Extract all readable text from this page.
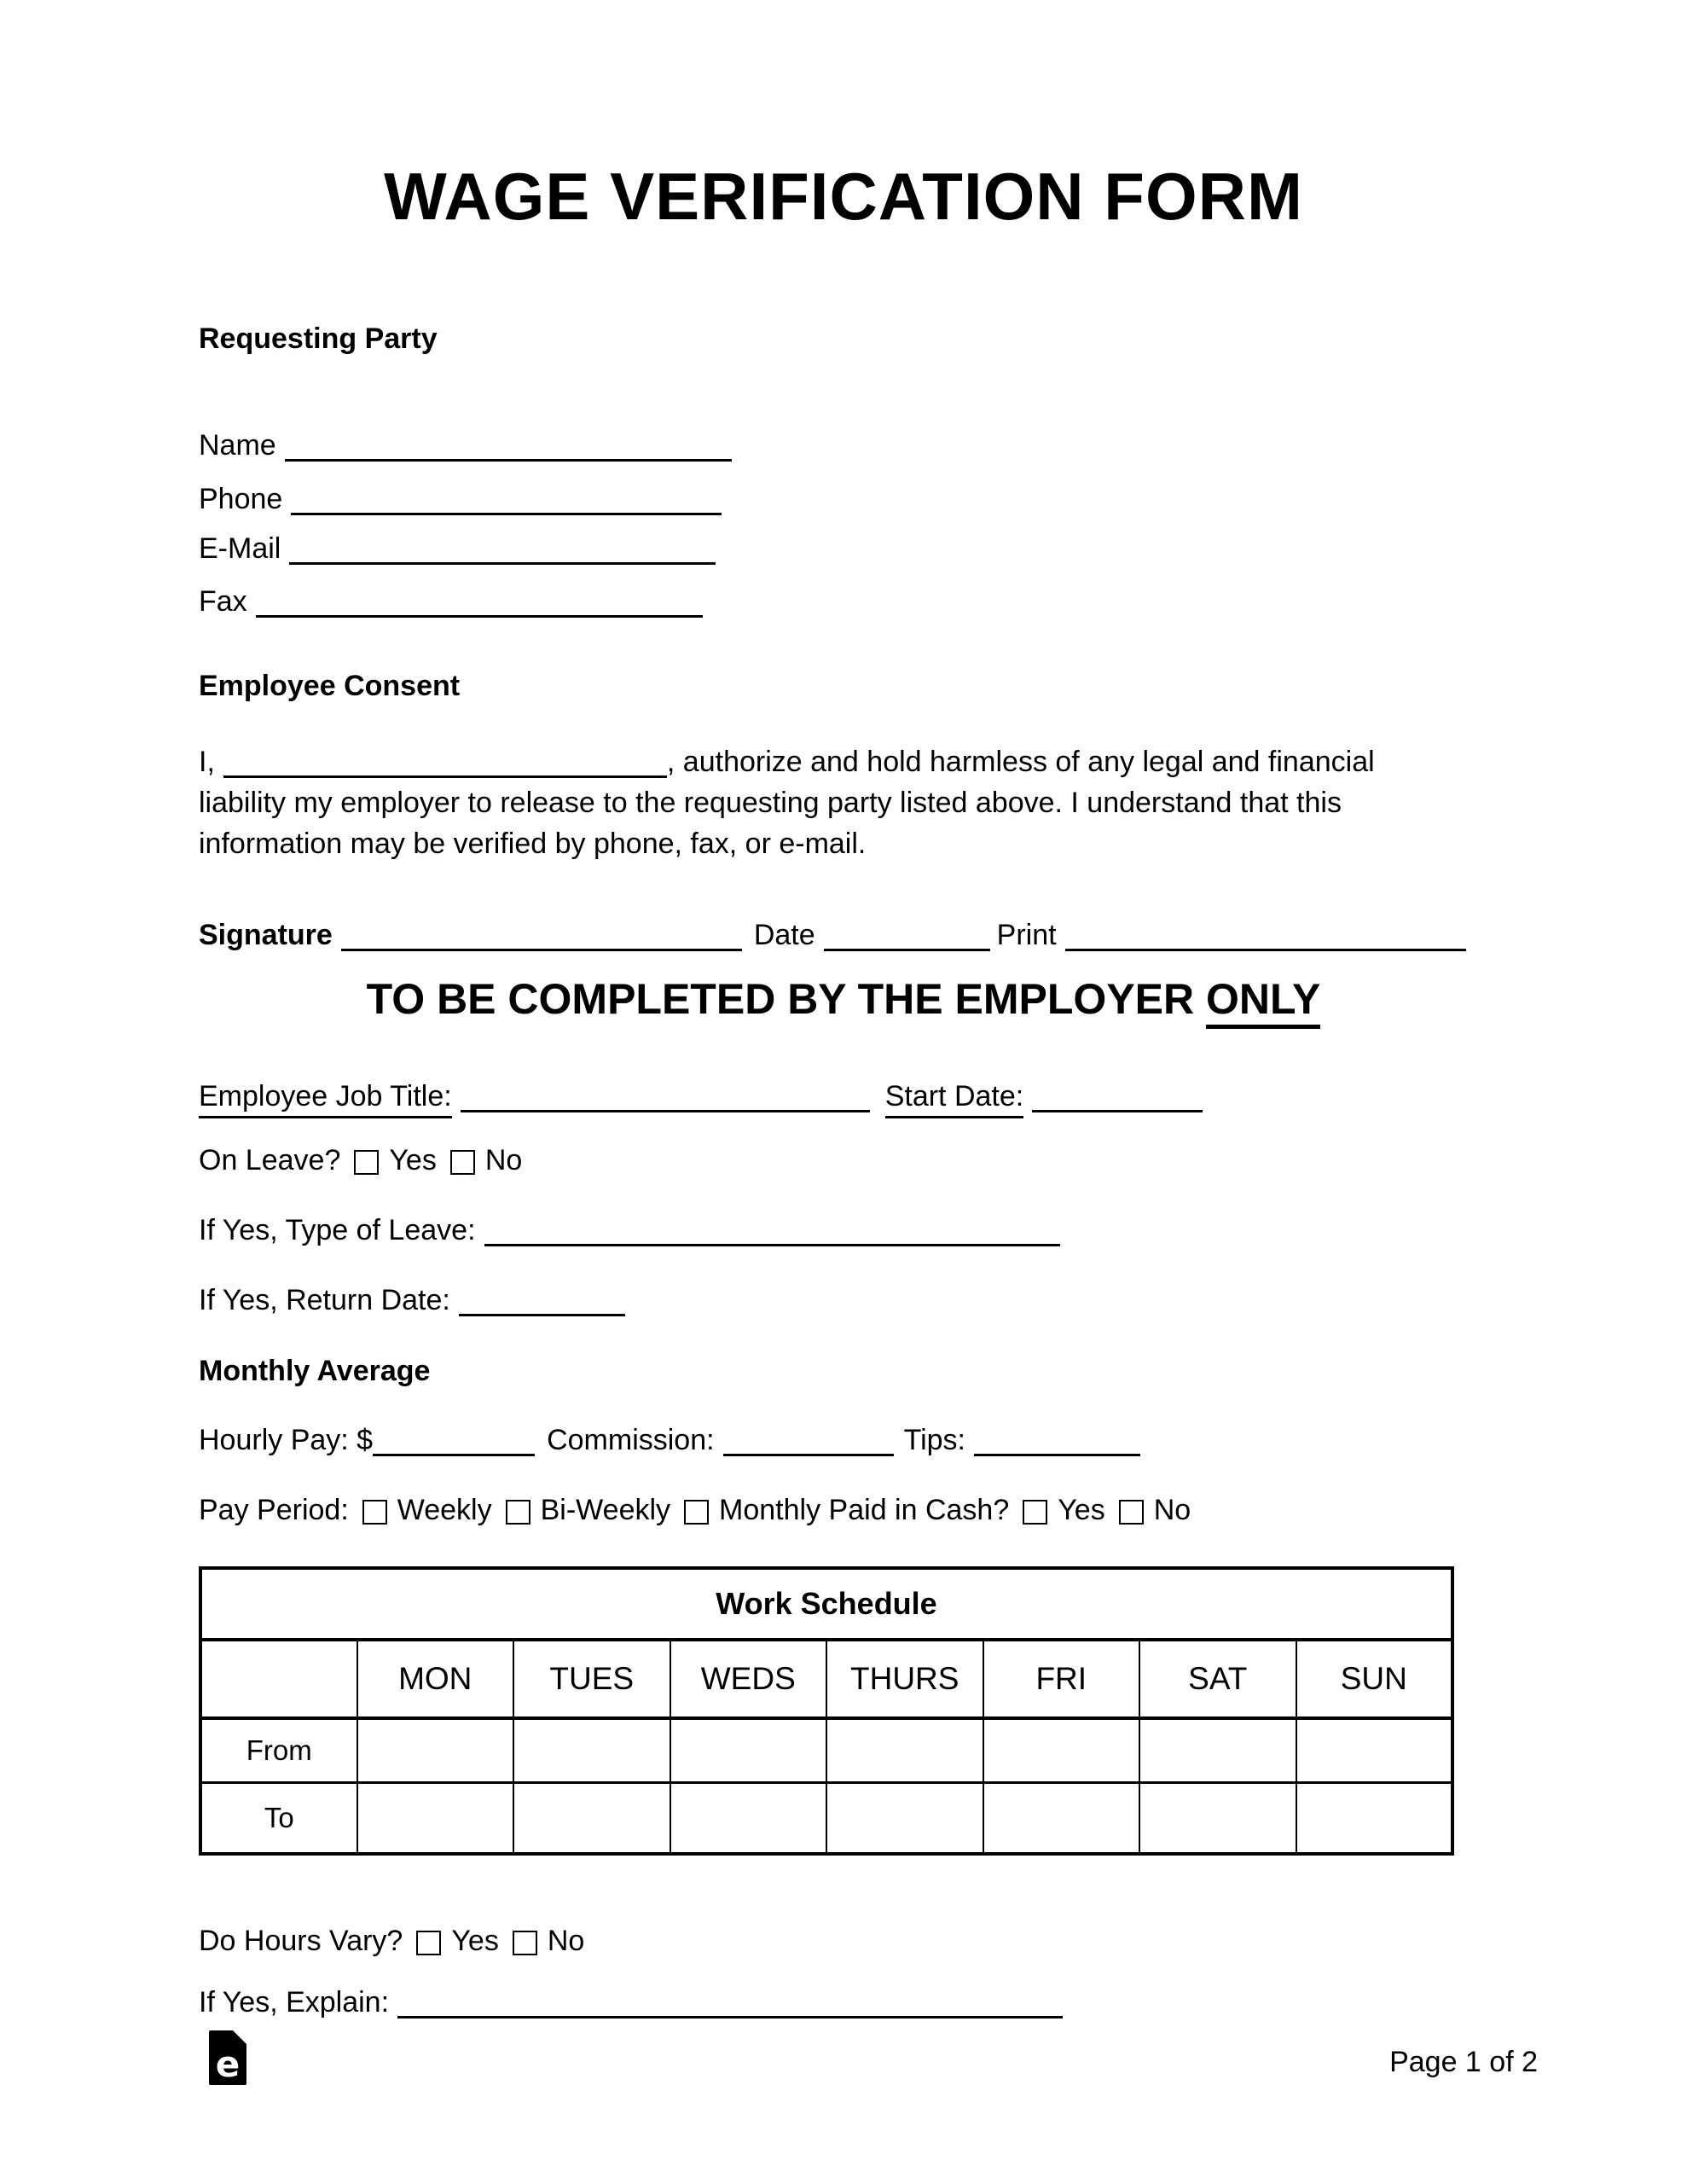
WAGE VERIFICATION FORM
Requesting Party
Name
Phone
E-Mail
Fax
Employee Consent
I,	, authorize and hold harmless of any legal and financial
liability my employer to release to the requesting party listed above. I understand that this
information may be verified by phone, fax, or e-mail.
Signature	Date	Print
TO BE COMPLETED BY THE EMPLOYER ONLY
Employee Job Title:	Start Date:
On Leave? Yes No
If Yes, Type of Leave:
If Yes, Return Date:
Monthly Average
Hourly Pay: $	Commission:	Tips:
Pay Period: Weekly Bi-Weekly Monthly Paid in Cash? Yes No
Work Schedule							
	MON	TUES	WEDS	THURS	FRI	SAT	SUN
From							
To							
Do Hours Vary? Yes No
If Yes, Explain:
e	Page 1 of 2
